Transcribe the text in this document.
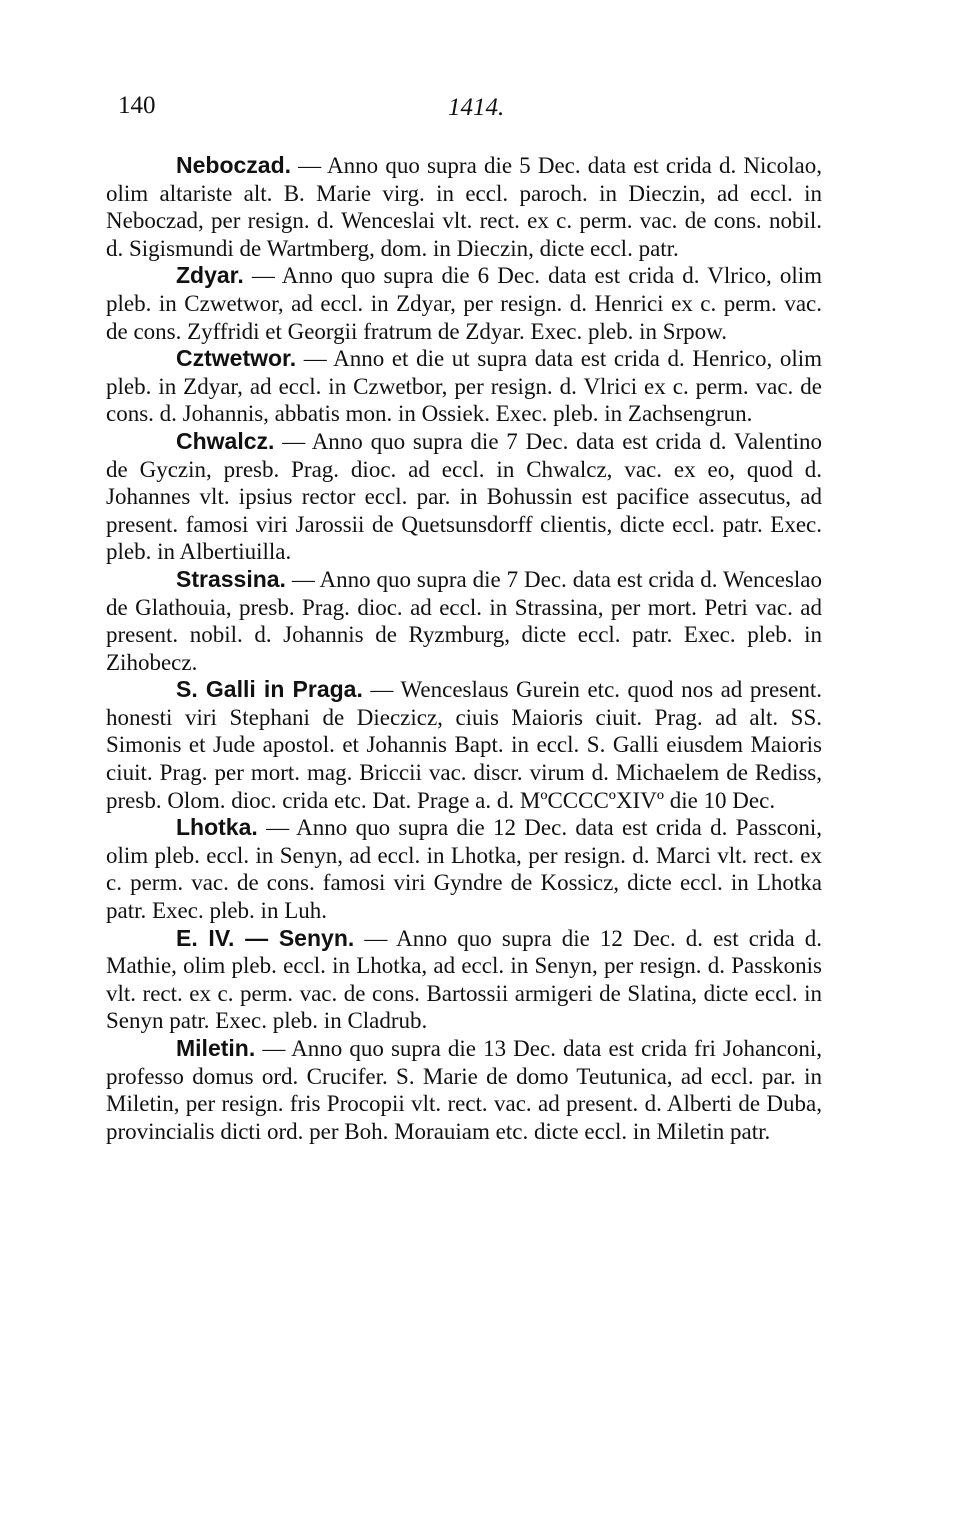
140	1414.

Neboczad. — Anno quo supra die 5 Dec. data est crida d. Nicolao, olim altariste alt. B. Marie virg. in eccl. paroch. in Dieczin, ad eccl. in Neboczad, per resign. d. Wenceslai vlt. rect. ex c. perm. vac. de cons. nobil. d. Sigismundi de Wartmberg, dom. in Dieczin, dicte eccl. patr.

Zdyar. — Anno quo supra die 6 Dec. data est crida d. Vlrico, olim pleb. in Czwetwor, ad eccl. in Zdyar, per resign. d. Henrici ex c. perm. vac. de cons. Zyffridi et Georgii fratrum de Zdyar. Exec. pleb. in Srpow.

Cztwetwor. — Anno et die ut supra data est crida d. Henrico, olim pleb. in Zdyar, ad eccl. in Czwetbor, per resign. d. Vlrici ex c. perm. vac. de cons. d. Johannis, abbatis mon. in Ossiek. Exec. pleb. in Zachsengrun.

Chwalcz. — Anno quo supra die 7 Dec. data est crida d. Valentino de Gyczin, presb. Prag. dioc. ad eccl. in Chwalcz, vac. ex eo, quod d. Johannes vlt. ipsius rector eccl. par. in Bohussin est pacifice assecutus, ad present. famosi viri Jarossii de Quetsunsdorff clientis, dicte eccl. patr. Exec. pleb. in Albertiuilla.

Strassina. — Anno quo supra die 7 Dec. data est crida d. Wenceslao de Glathouia, presb. Prag. dioc. ad eccl. in Strassina, per mort. Petri vac. ad present. nobil. d. Johannis de Ryzmburg, dicte eccl. patr. Exec. pleb. in Zihobecz.

S. Galli in Praga. — Wenceslaus Gurein etc. quod nos ad present. honesti viri Stephani de Dieczicz, ciuis Maioris ciuit. Prag. ad alt. SS. Simonis et Jude apostol. et Johannis Bapt. in eccl. S. Galli eiusdem Maioris ciuit. Prag. per mort. mag. Briccii vac. discr. virum d. Michaelem de Rediss, presb. Olom. dioc. crida etc. Dat. Prage a. d. MºCCCCºXIVº die 10 Dec.

Lhotka. — Anno quo supra die 12 Dec. data est crida d. Passconi, olim pleb. eccl. in Senyn, ad eccl. in Lhotka, per resign. d. Marci vlt. rect. ex c. perm. vac. de cons. famosi viri Gyndre de Kossicz, dicte eccl. in Lhotka patr. Exec. pleb. in Luh.

E. IV. — Senyn. — Anno quo supra die 12 Dec. d. est crida d. Mathie, olim pleb. eccl. in Lhotka, ad eccl. in Senyn, per resign. d. Passkonis vlt. rect. ex c. perm. vac. de cons. Bartossii armigeri de Slatina, dicte eccl. in Senyn patr. Exec. pleb. in Cladrub.

Miletin. — Anno quo supra die 13 Dec. data est crida fri Johanconi, professo domus ord. Crucifer. S. Marie de domo Teutunica, ad eccl. par. in Miletin, per resign. fris Procopii vlt. rect. vac. ad present. d. Alberti de Duba, provincialis dicti ord. per Boh. Morauiam etc. dicte eccl. in Miletin patr.
